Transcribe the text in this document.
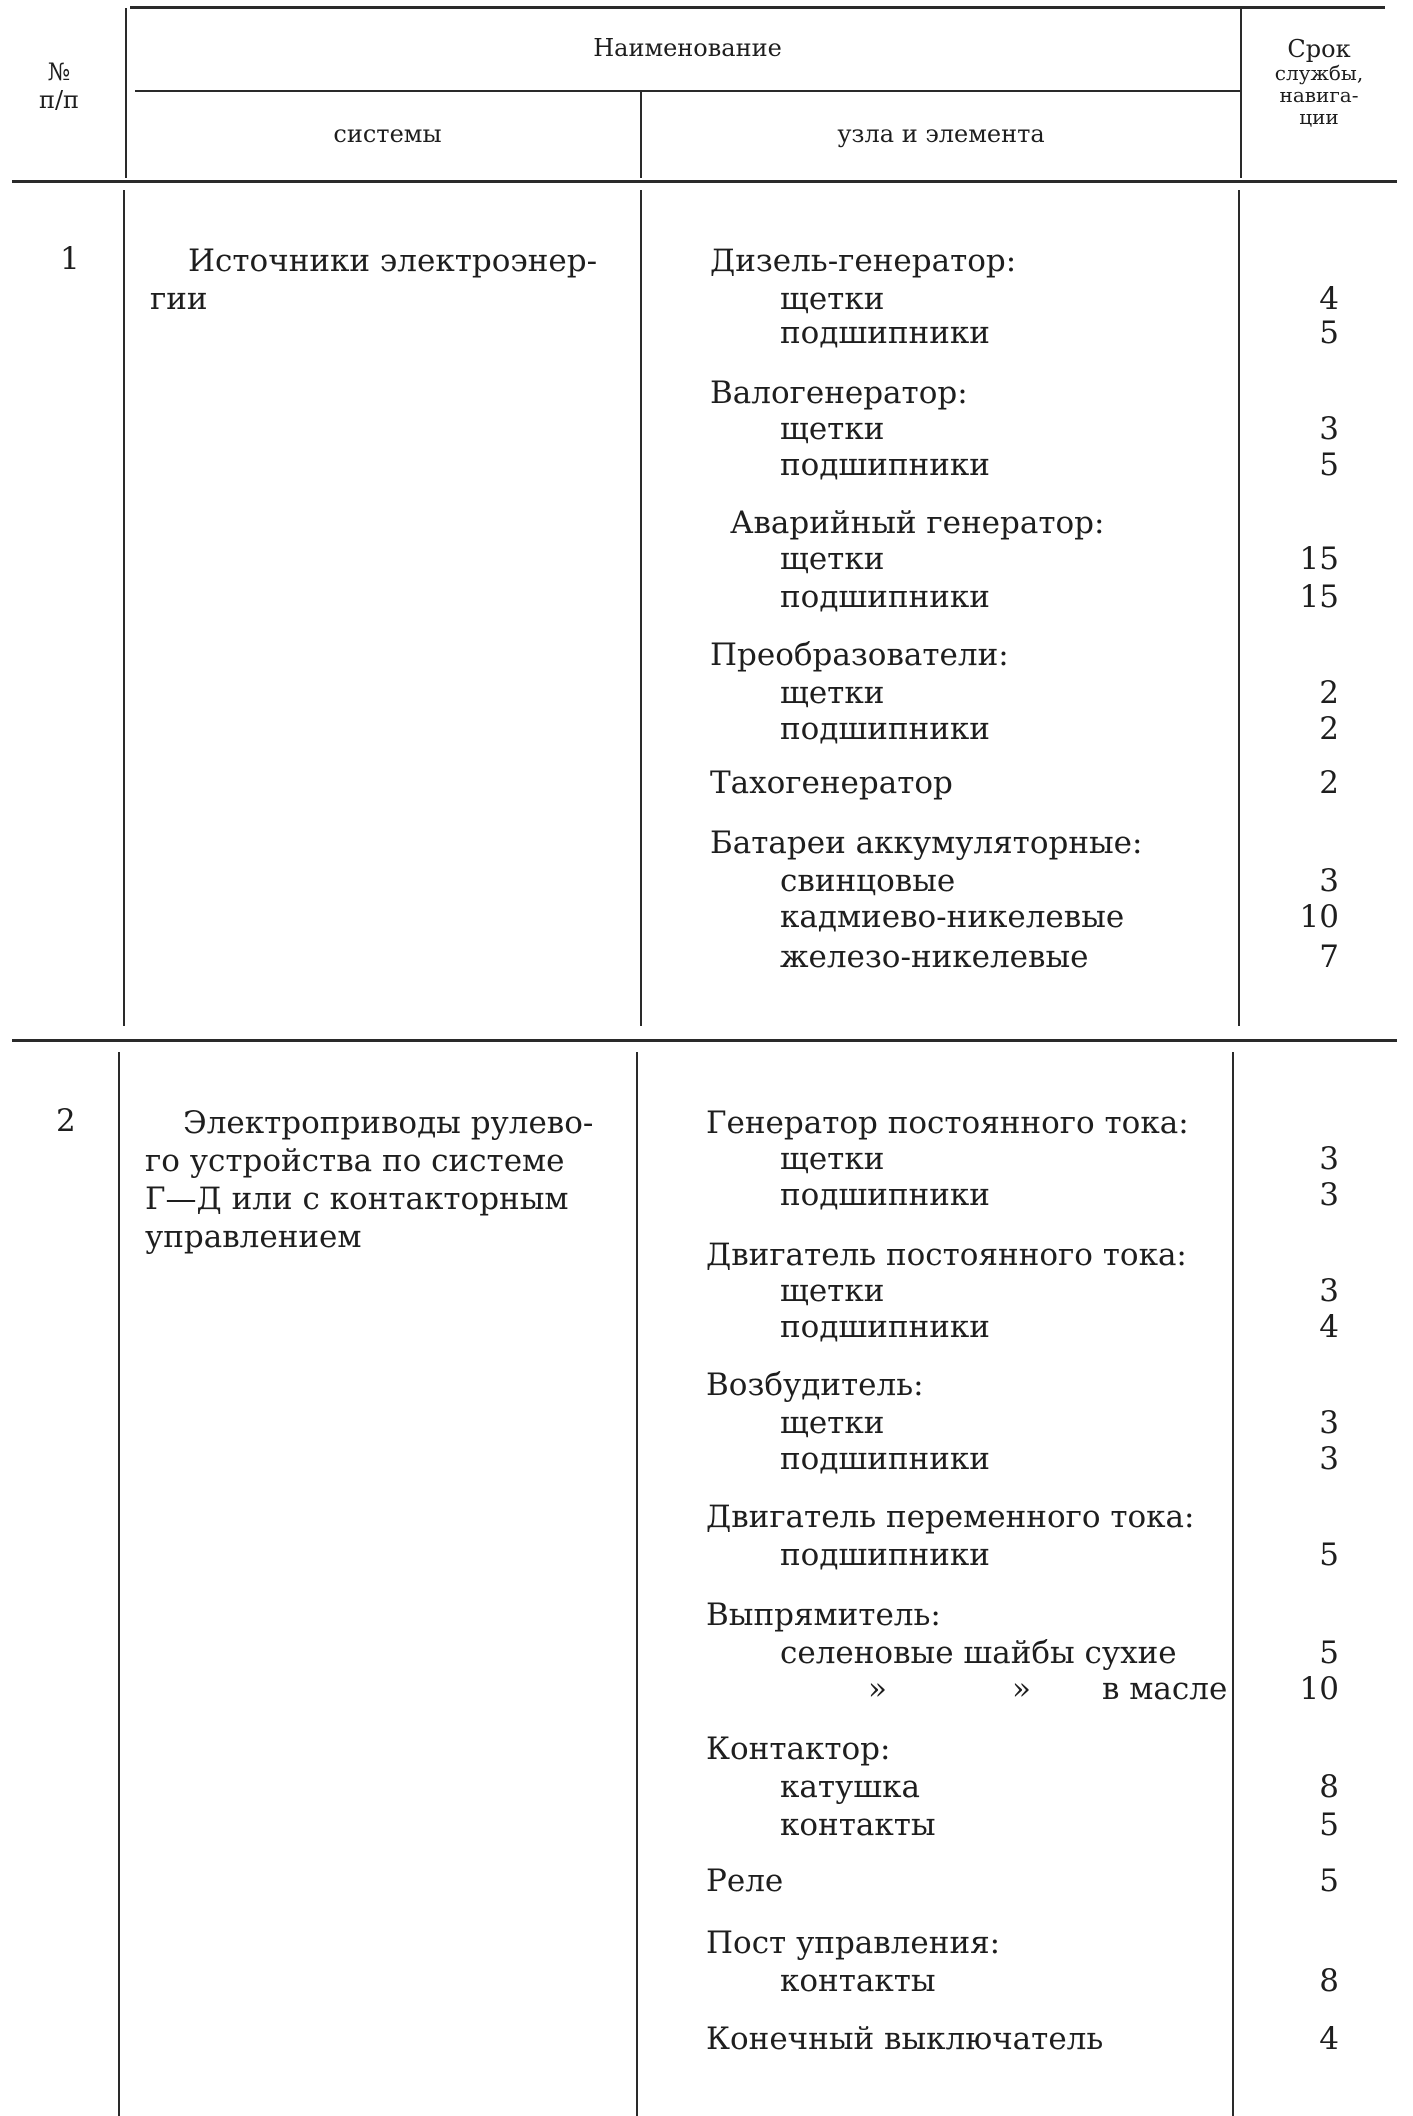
№
п/п
Наименование
системы	узла и элемента
Срок
службы,
навига-
ции
1	Источники электроэнер-
гии
Дизель-генератор:
щетки	4
подшипники	5
Валогенератор:
щетки	3
подшипники	5
Аварийный генератор:
щетки	15
подшипники	15
Преобразователи:
щетки	2
подшипники	2
Тахогенератор	2
Батареи аккумуляторные:
свинцовые	3
кадмиево-никелевые	10
железо-никелевые	7
2	Электроприводы рулево-
го устройства по системе
Г—Д или с контакторным
управлением
Генератор постоянного тока:
щетки	3
подшипники	3
Двигатель постоянного тока:
щетки	3
подшипники	4
Возбудитель:
щетки	3
подшипники	3
Двигатель переменного тока:
подшипники	5
Выпрямитель:
селеновые шайбы сухие	5
»	» в масле	10
Контактор:
катушка	8
контакты	5
Реле	5
Пост управления:
контакты	8
Конечный выключатель	4
